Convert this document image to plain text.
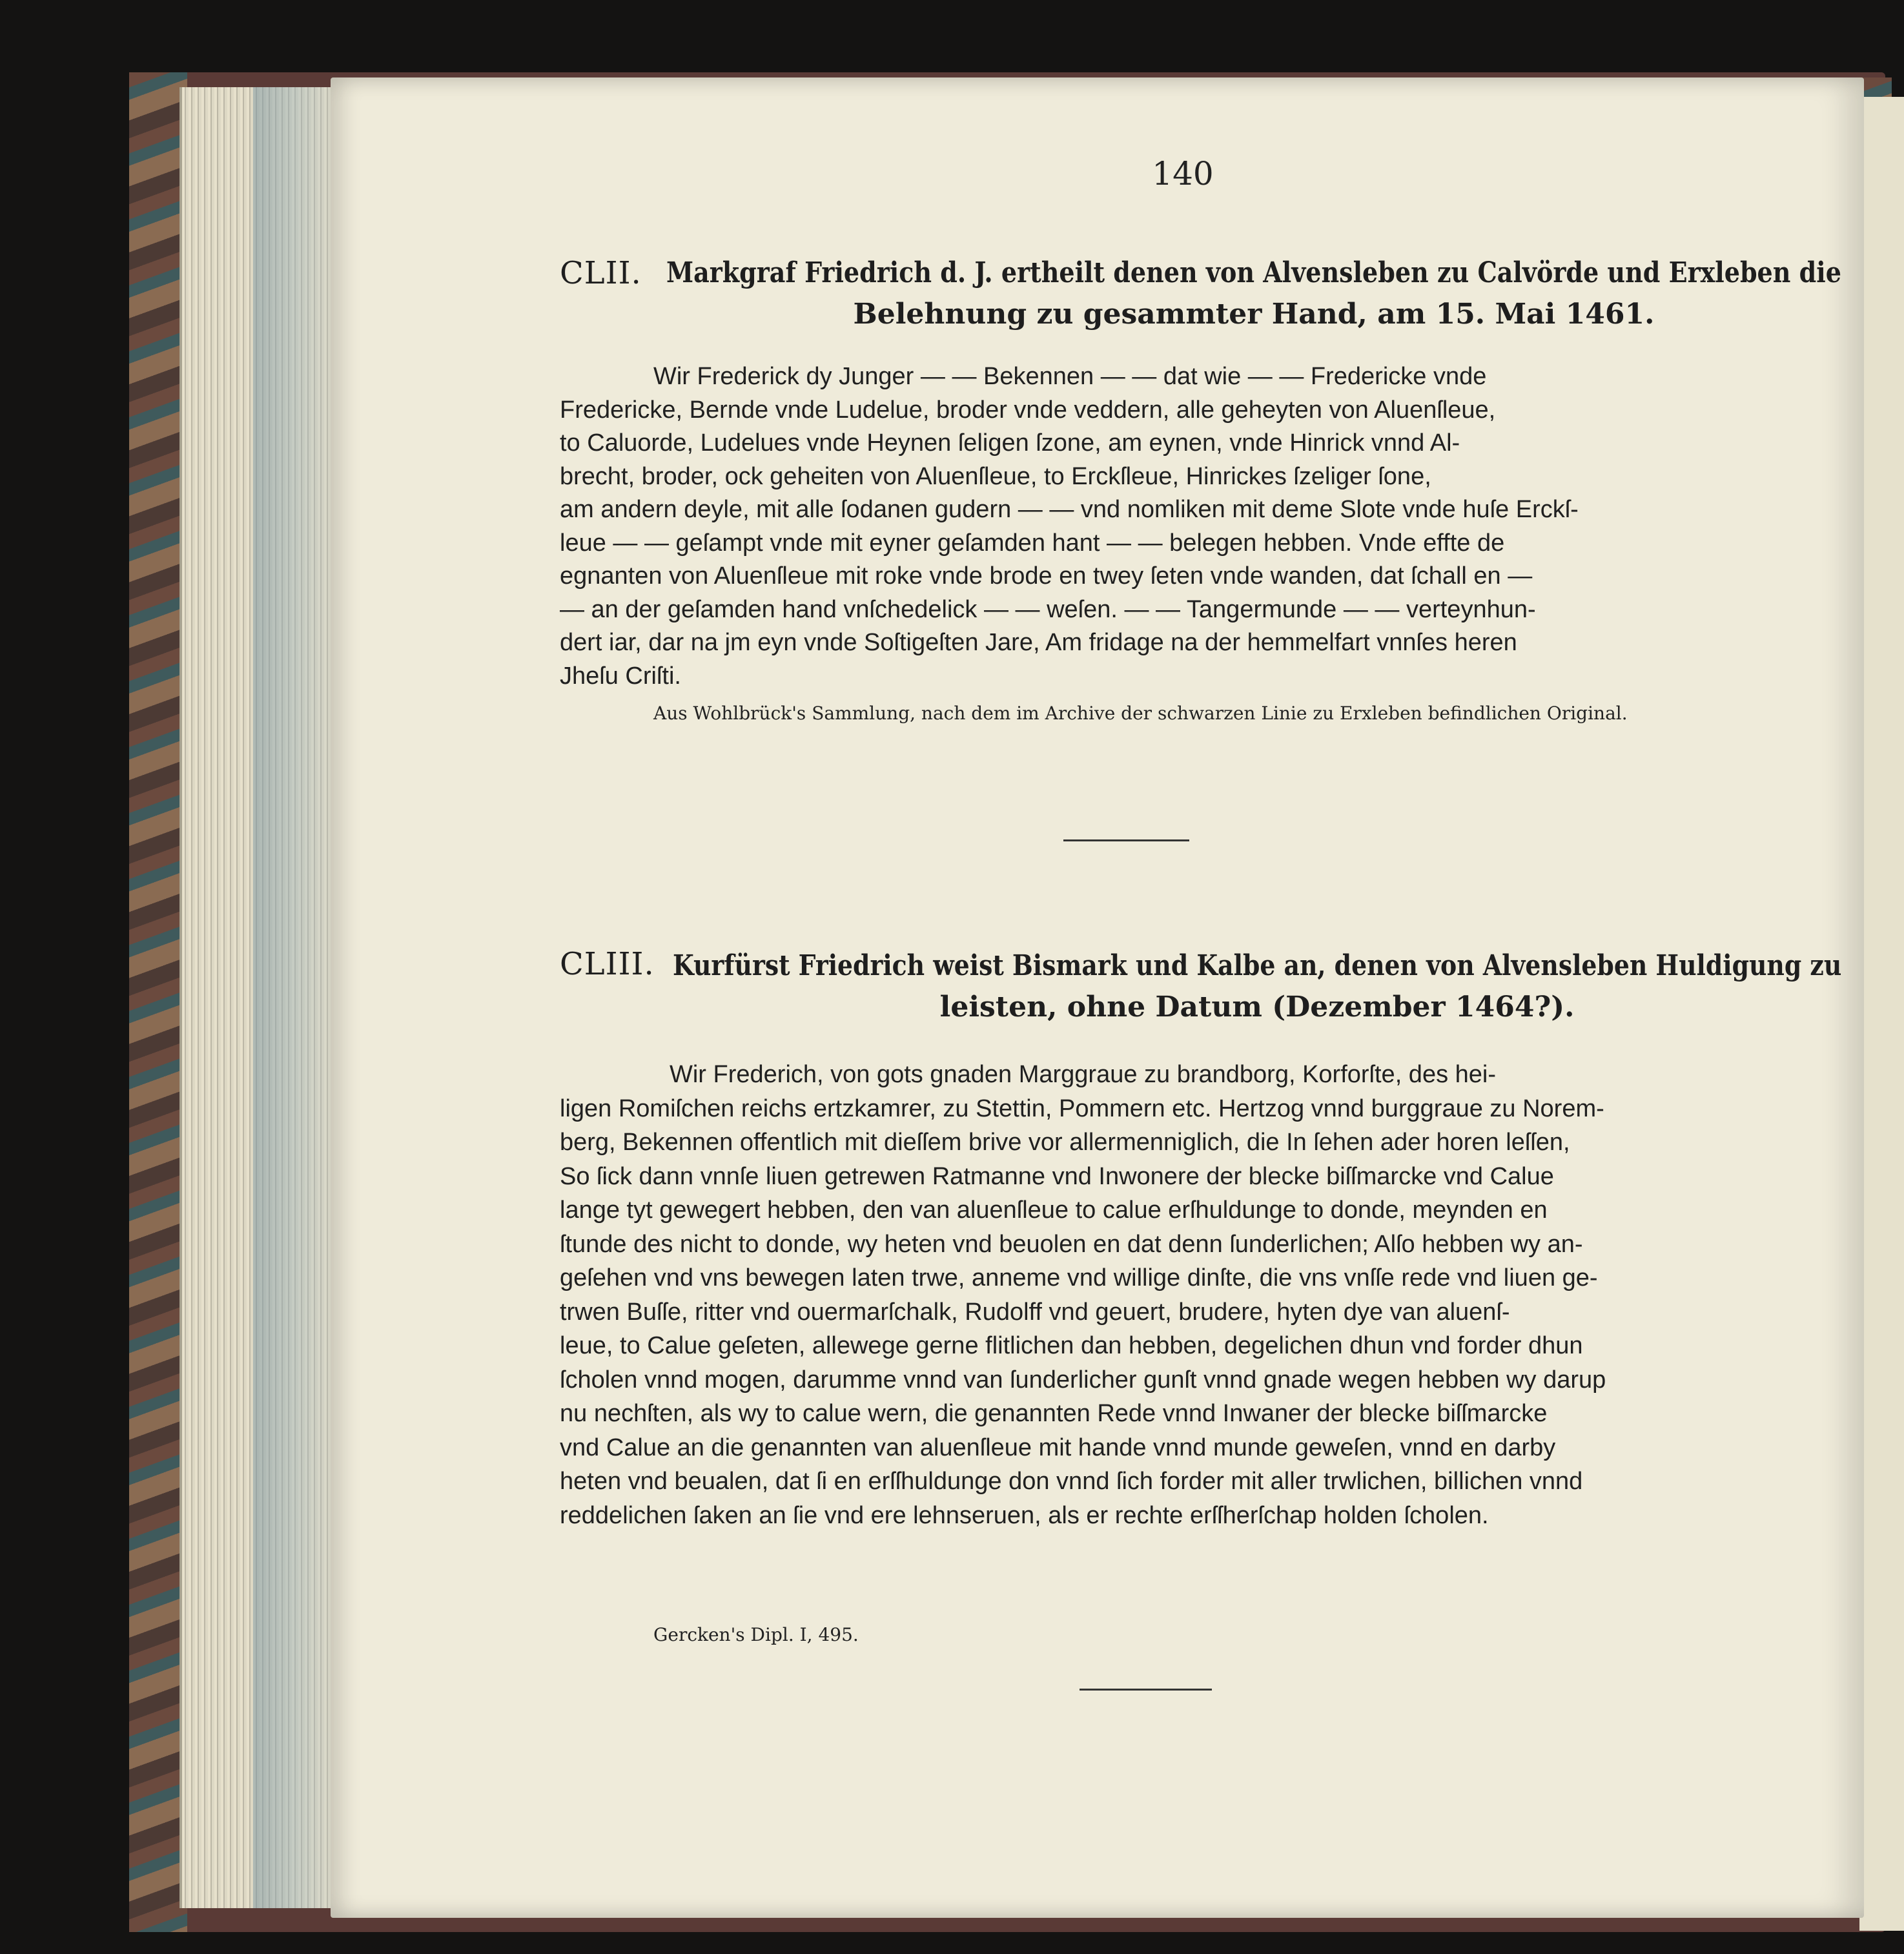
140
CLII. Markgraf Friedrich d. J. ertheilt denen von Alvensleben zu Calvörde und Erxleben die
Belehnung zu gesammter Hand, am 15. Mai 1461.
Wir Frederick dy Junger — — Bekennen — — dat wie — — Fredericke vnde
Fredericke, Bernde vnde Ludelue, broder vnde veddern, alle geheyten von Aluenſleue,
to Caluorde, Ludelues vnde Heynen ſeligen ſzone, am eynen, vnde Hinrick vnnd Al-
brecht, broder, ock geheiten von Aluenſleue, to Erckſleue, Hinrickes ſzeliger ſone,
am andern deyle, mit alle ſodanen gudern — — vnd nomliken mit deme Slote vnde huſe Erckſ-
leue — — geſampt vnde mit eyner geſamden hant — — belegen hebben. Vnde effte de
egnanten von Aluenſleue mit roke vnde brode en twey ſeten vnde wanden, dat ſchall en —
— an der geſamden hand vnſchedelick — — weſen. — — Tangermunde — — verteynhun-
dert iar, dar na jm eyn vnde Soſtigeſten Jare, Am fridage na der hemmelfart vnnſes heren
Jheſu Criſti.
Aus Wohlbrück's Sammlung, nach dem im Archive der schwarzen Linie zu Erxleben befindlichen Original.
CLIII. Kurfürst Friedrich weist Bismark und Kalbe an, denen von Alvensleben Huldigung zu
leisten, ohne Datum (Dezember 1464?).
Wir Frederich, von gots gnaden Marggraue zu brandborg, Korforſte, des hei-
ligen Romiſchen reichs ertzkamrer, zu Stettin, Pommern etc. Hertzog vnnd burggraue zu Norem-
berg, Bekennen offentlich mit dieſſem brive vor allermenniglich, die In ſehen ader horen leſſen,
So ſick dann vnnſe liuen getrewen Ratmanne vnd Inwonere der blecke biſſmarcke vnd Calue
lange tyt gewegert hebben, den van aluenſleue to calue erſhuldunge to donde, meynden en
ſtunde des nicht to donde, wy heten vnd beuolen en dat denn ſunderlichen; Alſo hebben wy an-
geſehen vnd vns bewegen laten trwe, anneme vnd willige dinſte, die vns vnſſe rede vnd liuen ge-
trwen Buſſe, ritter vnd ouermarſchalk, Rudolff vnd geuert, brudere, hyten dye van aluenſ-
leue, to Calue geſeten, allewege gerne flitlichen dan hebben, degelichen dhun vnd forder dhun
ſcholen vnnd mogen, darumme vnnd van ſunderlicher gunſt vnnd gnade wegen hebben wy darup
nu nechſten, als wy to calue wern, die genannten Rede vnnd Inwaner der blecke biſſmarcke
vnd Calue an die genannten van aluenſleue mit hande vnnd munde geweſen, vnnd en darby
heten vnd beualen, dat ſi en erſſhuldunge don vnnd ſich forder mit aller trwlichen, billichen vnnd
reddelichen ſaken an ſie vnd ere lehnseruen, als er rechte erſſherſchap holden ſcholen.
Gercken's Dipl. I, 495.
